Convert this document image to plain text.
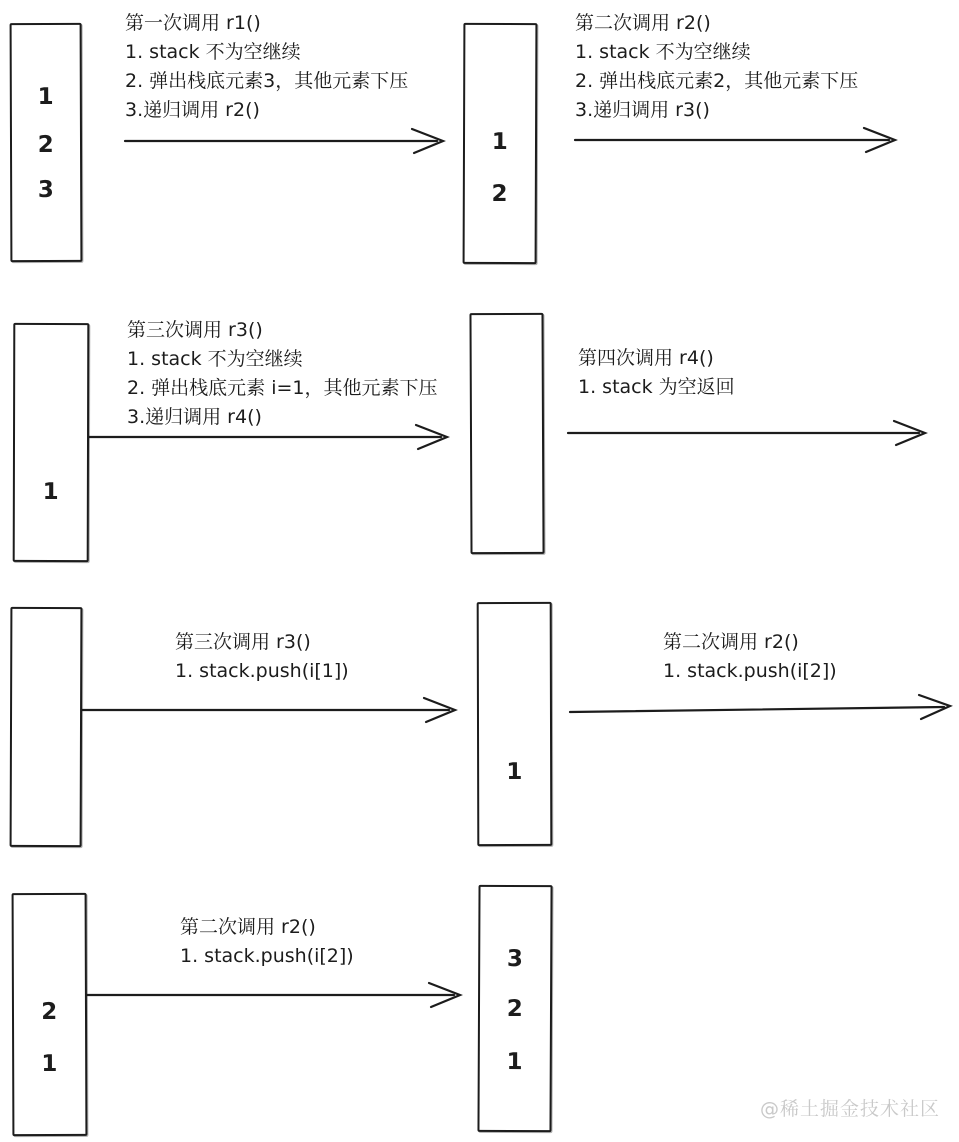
1
2
3
第一次调用 r1()
1. stack 不为空继续
2. 弹出栈底元素3，其他元素下压
3.递归调用 r2()
1
2
第二次调用 r2()
1. stack 不为空继续
2. 弹出栈底元素2，其他元素下压
3.递归调用 r3()
1
第三次调用 r3()
1. stack 不为空继续
2. 弹出栈底元素 i=1，其他元素下压
3.递归调用 r4()
第四次调用 r4()
1. stack 为空返回
第三次调用 r3()
1. stack.push(i[1])
1
第二次调用 r2()
1. stack.push(i[2])
2
1
第二次调用 r2()
1. stack.push(i[2])	3
2
1
@稀土掘金技术社区
